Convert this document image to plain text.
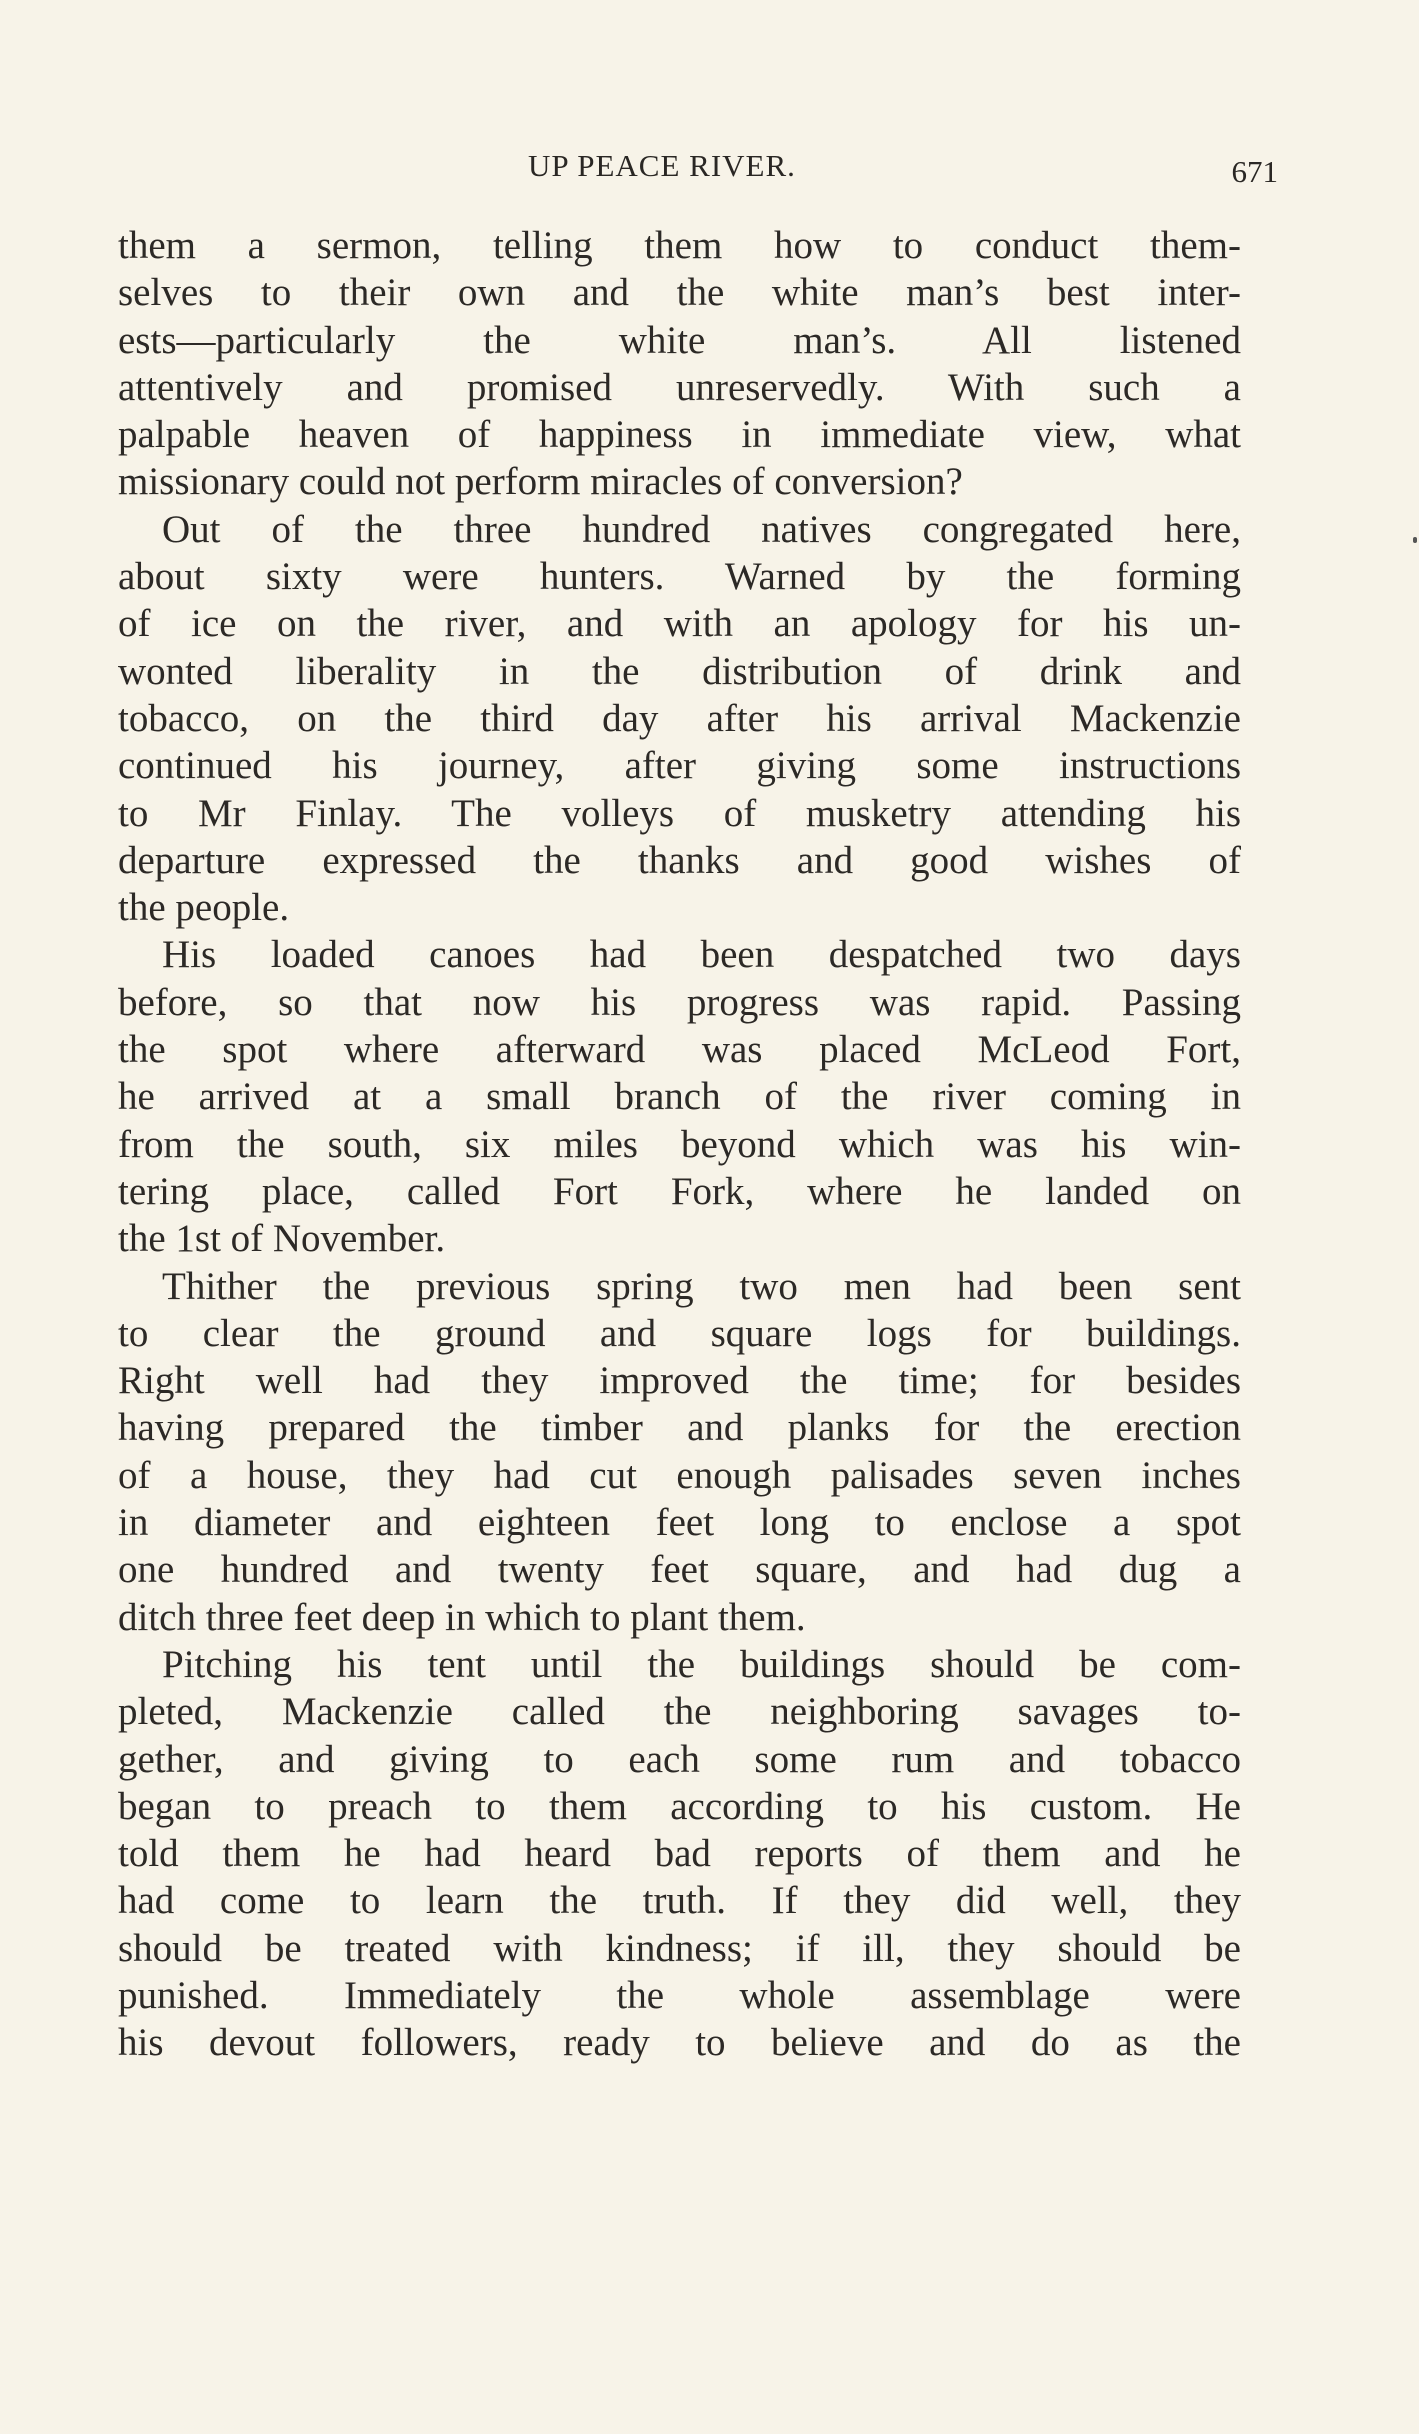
UP PEACE RIVER.	671
them a sermon, telling them how to conduct them-
selves to their own and the white man’s best inter-
ests—particularly the white man’s. All listened
attentively and promised unreservedly. With such a
palpable heaven of happiness in immediate view, what
missionary could not perform miracles of conversion?
Out of the three hundred natives congregated here,
about sixty were hunters. Warned by the forming
of ice on the river, and with an apology for his un-
wonted liberality in the distribution of drink and
tobacco, on the third day after his arrival Mackenzie
continued his journey, after giving some instructions
to Mr Finlay. The volleys of musketry attending his
departure expressed the thanks and good wishes of
the people.
His loaded canoes had been despatched two days
before, so that now his progress was rapid. Passing
the spot where afterward was placed McLeod Fort,
he arrived at a small branch of the river coming in
from the south, six miles beyond which was his win-
tering place, called Fort Fork, where he landed on
the 1st of November.
Thither the previous spring two men had been sent
to clear the ground and square logs for buildings.
Right well had they improved the time; for besides
having prepared the timber and planks for the erection
of a house, they had cut enough palisades seven inches
in diameter and eighteen feet long to enclose a spot
one hundred and twenty feet square, and had dug a
ditch three feet deep in which to plant them.
Pitching his tent until the buildings should be com-
pleted, Mackenzie called the neighboring savages to-
gether, and giving to each some rum and tobacco
began to preach to them according to his custom. He
told them he had heard bad reports of them and he
had come to learn the truth. If they did well, they
should be treated with kindness; if ill, they should be
punished. Immediately the whole assemblage were
his devout followers, ready to believe and do as the
